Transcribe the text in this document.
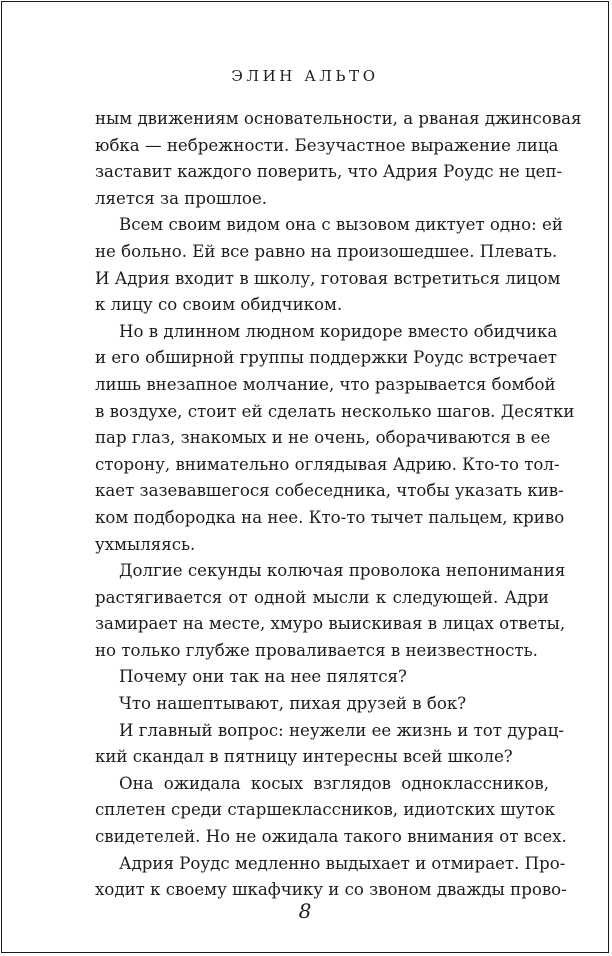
ЭЛИН АЛЬТО
ным движениям основательности, а рваная джинсовая
юбка — небрежности. Безучастное выражение лица
заставит каждого поверить, что Адрия Роудс не цеп-
ляется за прошлое.
Всем своим видом она с вызовом диктует одно: ей
не больно. Ей все равно на произошедшее. Плевать.
И Адрия входит в школу, готовая встретиться лицом
к лицу со своим обидчиком.
Но в длинном людном коридоре вместо обидчика
и его обширной группы поддержки Роудс встречает
лишь внезапное молчание, что разрывается бомбой
в воздухе, стоит ей сделать несколько шагов. Десятки
пар глаз, знакомых и не очень, оборачиваются в ее
сторону, внимательно оглядывая Адрию. Кто-то тол-
кает зазевавшегося собеседника, чтобы указать кив-
ком подбородка на нее. Кто-то тычет пальцем, криво
ухмыляясь.
Долгие секунды колючая проволока непонимания
растягивается от одной мысли к следующей. Адри
замирает на месте, хмуро выискивая в лицах ответы,
но только глубже проваливается в неизвестность.
Почему они так на нее пялятся?
Что нашептывают, пихая друзей в бок?
И главный вопрос: неужели ее жизнь и тот дурац-
кий скандал в пятницу интересны всей школе?
Она ожидала косых взглядов одноклассников,
сплетен среди старшеклассников, идиотских шуток
свидетелей. Но не ожидала такого внимания от всех.
Адрия Роудс медленно выдыхает и отмирает. Про-
ходит к своему шкафчику и со звоном дважды прово-
8
